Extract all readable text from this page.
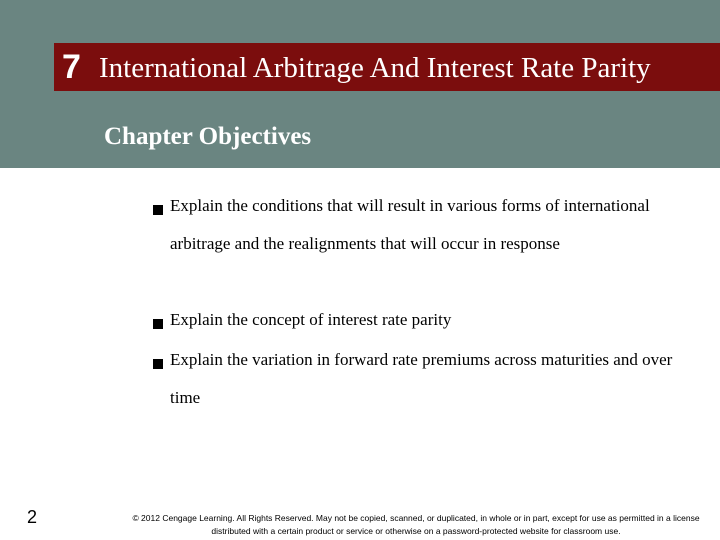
7 International Arbitrage And Interest Rate Parity
Chapter Objectives
Explain the conditions that will result in various forms of international arbitrage and the realignments that will occur in response
Explain the concept of interest rate parity
Explain the variation in forward rate premiums across maturities and over time
2	© 2012 Cengage Learning. All Rights Reserved. May not be copied, scanned, or duplicated, in whole or in part, except for use as permitted in a license distributed with a certain product or service or otherwise on a password-protected website for classroom use.
